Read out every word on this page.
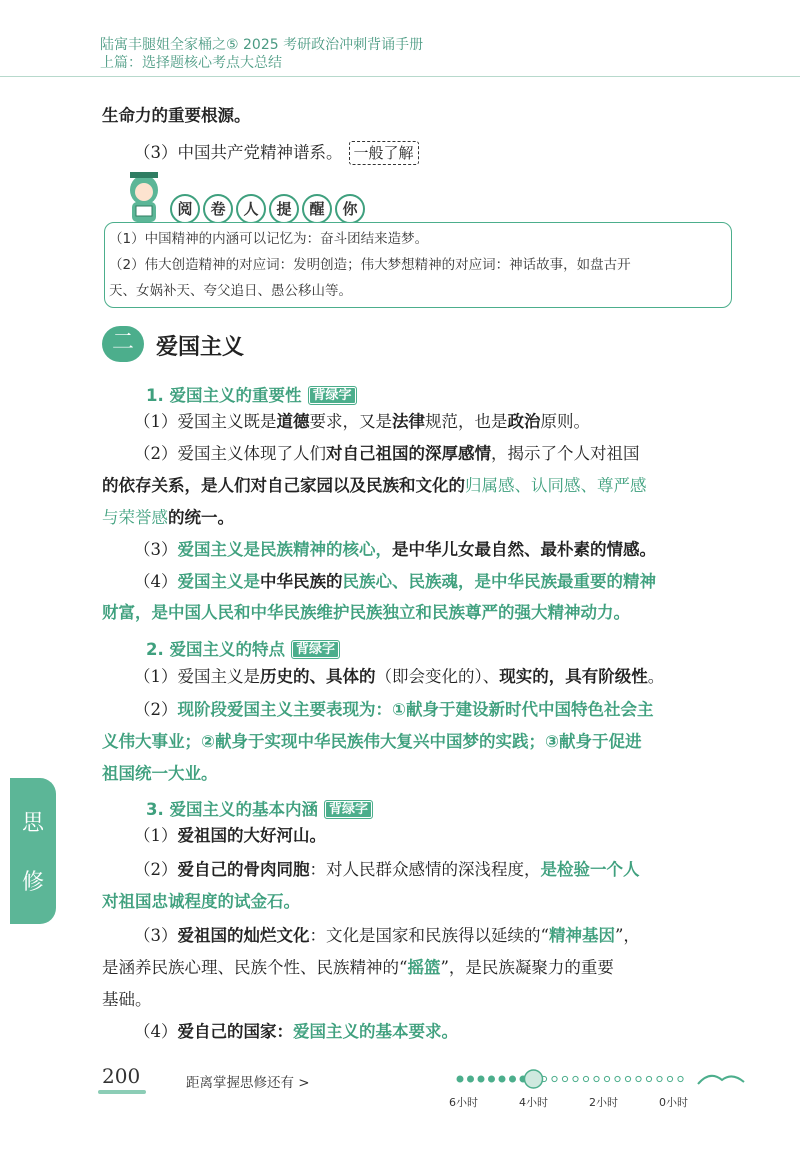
陆寓丰腿姐全家桶之⑤ 2025 考研政治冲刺背诵手册
上篇：选择题核心考点大总结
生命力的重要根源。
（3）中国共产党精神谱系。 一般了解
阅 卷 人 提 醒 你
（1）中国精神的内涵可以记忆为：奋斗团结来造梦。
（2）伟大创造精神的对应词：发明创造；伟大梦想精神的对应词：神话故事，如盘古开
天、女娲补天、夸父追日、愚公移山等。
二	爱国主义
1. 爱国主义的重要性 背绿字
（1）爱国主义既是道德要求，又是法律规范，也是政治原则。
（2）爱国主义体现了人们对自己祖国的深厚感情，揭示了个人对祖国
的依存关系，是人们对自己家园以及民族和文化的归属感、认同感、尊严感
与荣誉感的统一。
（3）爱国主义是民族精神的核心，是中华儿女最自然、最朴素的情感。
（4）爱国主义是中华民族的民族心、民族魂，是中华民族最重要的精神
财富，是中国人民和中华民族维护民族独立和民族尊严的强大精神动力。
2. 爱国主义的特点 背绿字
（1）爱国主义是历史的、具体的（即会变化的）、现实的，具有阶级性。
（2）现阶段爱国主义主要表现为：①献身于建设新时代中国特色社会主
义伟大事业；②献身于实现中华民族伟大复兴中国梦的实践；③献身于促进
祖国统一大业。
3. 爱国主义的基本内涵 背绿字
（1）爱祖国的大好河山。
（2）爱自己的骨肉同胞：对人民群众感情的深浅程度，是检验一个人
对祖国忠诚程度的试金石。
（3）爱祖国的灿烂文化：文化是国家和民族得以延续的“精神基因”，
是涵养民族心理、民族个性、民族精神的“摇篮”，是民族凝聚力的重要
基础。
（4）爱自己的国家：爱国主义的基本要求。
思
修
200	距离掌握思修还有 >
6小时	4小时	2小时	0小时
